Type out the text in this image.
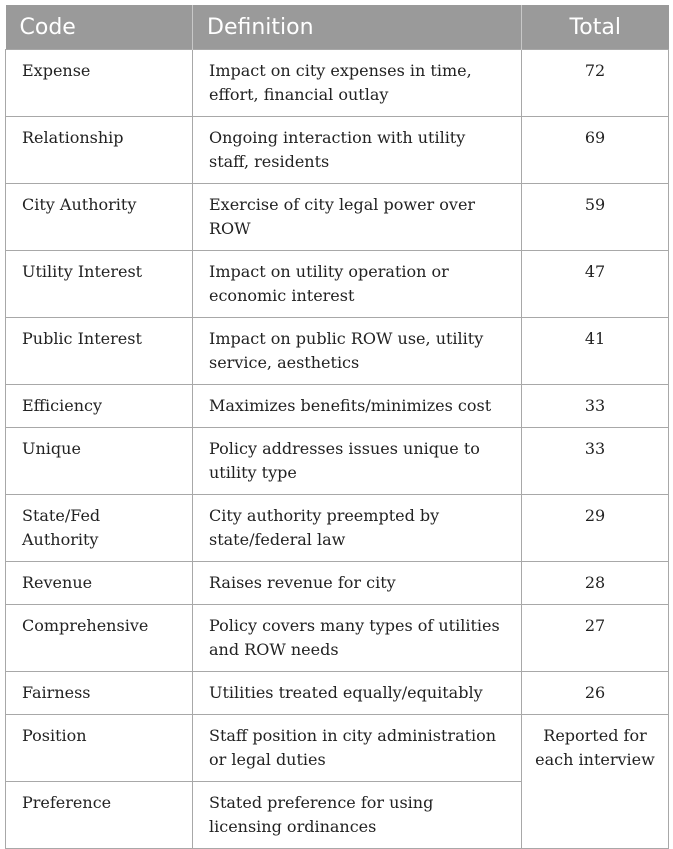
Code	Definition	Total
Expense	Impact on city expenses in time, effort, financial outlay	72
Relationship	Ongoing interaction with utility staff, residents	69
City Authority	Exercise of city legal power over ROW	59
Utility Interest	Impact on utility operation or economic interest	47
Public Interest	Impact on public ROW use, utility service, aesthetics	41
Efficiency	Maximizes benefits/minimizes cost	33
Unique	Policy addresses issues unique to utility type	33
State/Fed Authority	City authority preempted by state/federal law	29
Revenue	Raises revenue for city	28
Comprehensive	Policy covers many types of utilities and ROW needs	27
Fairness	Utilities treated equally/equitably	26
Position	Staff position in city administration or legal duties	Reported for each interview
Preference	Stated preference for using licensing ordinances	
